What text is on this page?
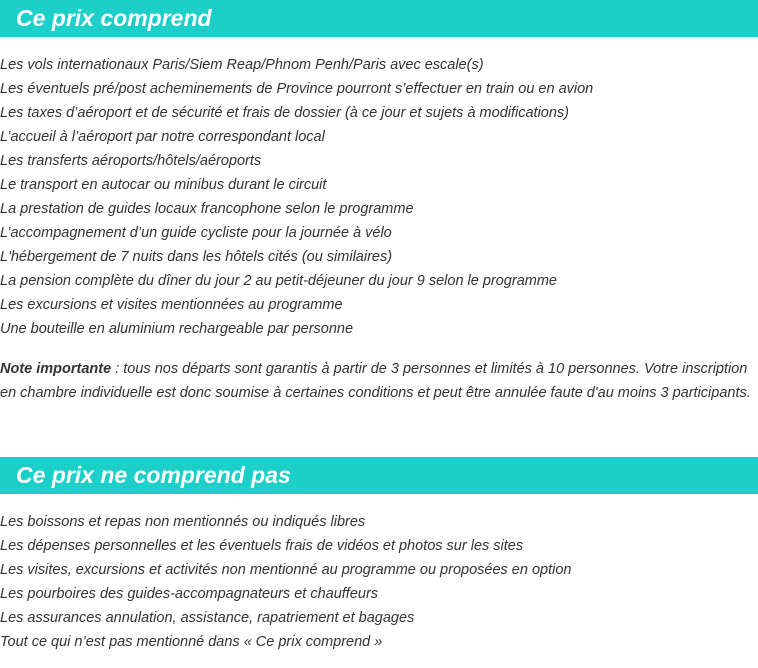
Ce prix comprend
Les vols internationaux Paris/Siem Reap/Phnom Penh/Paris avec escale(s)
Les éventuels pré/post acheminements de Province pourront s’effectuer en train ou en avion
Les taxes d’aéroport et de sécurité et frais de dossier (à ce jour et sujets à modifications)
L’accueil à l’aéroport par notre correspondant local
Les transferts aéroports/hôtels/aéroports
Le transport en autocar ou minibus durant le circuit
La prestation de guides locaux francophone selon le programme
L’accompagnement d’un guide cycliste pour la journée à vélo
L'hébergement de 7 nuits dans les hôtels cités (ou similaires)
La pension complète du dîner du jour 2 au petit-déjeuner du jour 9 selon le programme
Les excursions et visites mentionnées au programme
Une bouteille en aluminium rechargeable par personne

Note importante : tous nos départs sont garantis à partir de 3 personnes et limités à 10 personnes. Votre inscription en chambre individuelle est donc soumise à certaines conditions et peut être annulée faute d'au moins 3 participants.

Ce prix ne comprend pas
Les boissons et repas non mentionnés ou indiqués libres
Les dépenses personnelles et les éventuels frais de vidéos et photos sur les sites
Les visites, excursions et activités non mentionné au programme ou proposées en option
Les pourboires des guides-accompagnateurs et chauffeurs
Les assurances annulation, assistance, rapatriement et bagages
Tout ce qui n’est pas mentionné dans « Ce prix comprend »
